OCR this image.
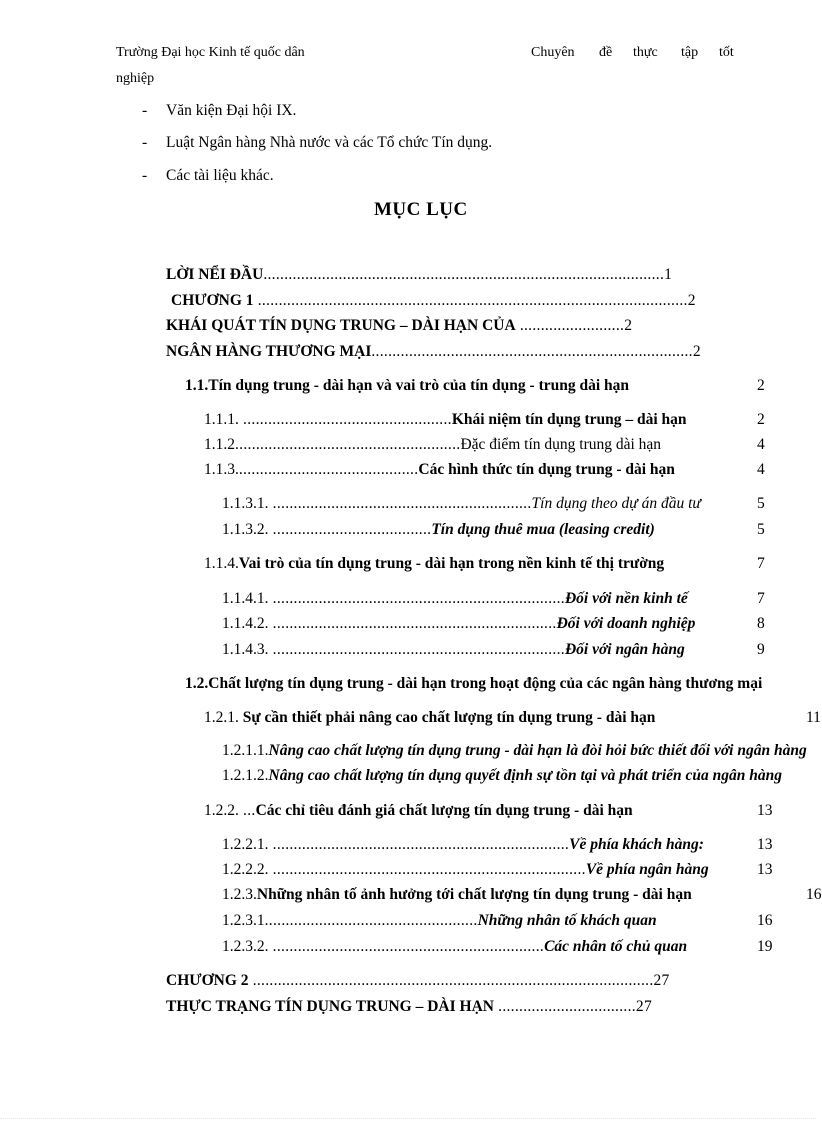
Trường Đại học Kinh tế quốc dân	Chuyên đề thực tập tốt
nghiệp
- Văn kiện Đại hội IX.
- Luật Ngân hàng Nhà nước và các Tổ chức Tín dụng.
- Các tài liệu khác.
MỤC LỤC
LỜI NỂI ĐẦU................................................................................................1
CHƯƠNG 1 .......................................................................................................2
KHÁI QUÁT TÍN DỤNG TRUNG – DÀI HẠN CỦA .........................2
NGÂN HÀNG THƯƠNG MẠI.............................................................................2
1.1.Tín dụng trung - dài hạn và vai trò của tín dụng - trung dài hạn	2
1.1.1. ..................................................Khái niệm tín dụng trung – dài hạn	2
1.1.2......................................................Đặc điểm tín dụng trung dài hạn	4
1.1.3............................................Các hình thức tín dụng trung - dài hạn	4
1.1.3.1. ..............................................................Tín dụng theo dự án đầu tư	5
1.1.3.2. ......................................Tín dụng thuê mua (leasing credit)	5
1.1.4.Vai trò của tín dụng trung - dài hạn trong nền kinh tế thị trường	7
1.1.4.1. ......................................................................Đối với nền kinh tế	7
1.1.4.2. ....................................................................Đối với doanh nghiệp	8
1.1.4.3. ......................................................................Đối với ngân hàng	9
1.2.Chất lượng tín dụng trung - dài hạn trong hoạt động của các ngân hàng thương mại
1.2.1. Sự cần thiết phải nâng cao chất lượng tín dụng trung - dài hạn	11
1.2.1.1.Nâng cao chất lượng tín dụng trung - dài hạn là đòi hỏi bức thiết đối với ngân hàng
1.2.1.2.Nâng cao chất lượng tín dụng quyết định sự tồn tại và phát triển của ngân hàng
1.2.2. ...Các chỉ tiêu đánh giá chất lượng tín dụng trung - dài hạn	13
1.2.2.1. .......................................................................Về phía khách hàng:	13
1.2.2.2. ...........................................................................Về phía ngân hàng	13
1.2.3.Những nhân tố ảnh hưởng tới chất lượng tín dụng trung - dài hạn	16
1.2.3.1...................................................Những nhân tố khách quan	16
1.2.3.2. .................................................................Các nhân tố chủ quan	19
CHƯƠNG 2 ................................................................................................27
THỰC TRẠNG TÍN DỤNG TRUNG – DÀI HẠN .................................27
